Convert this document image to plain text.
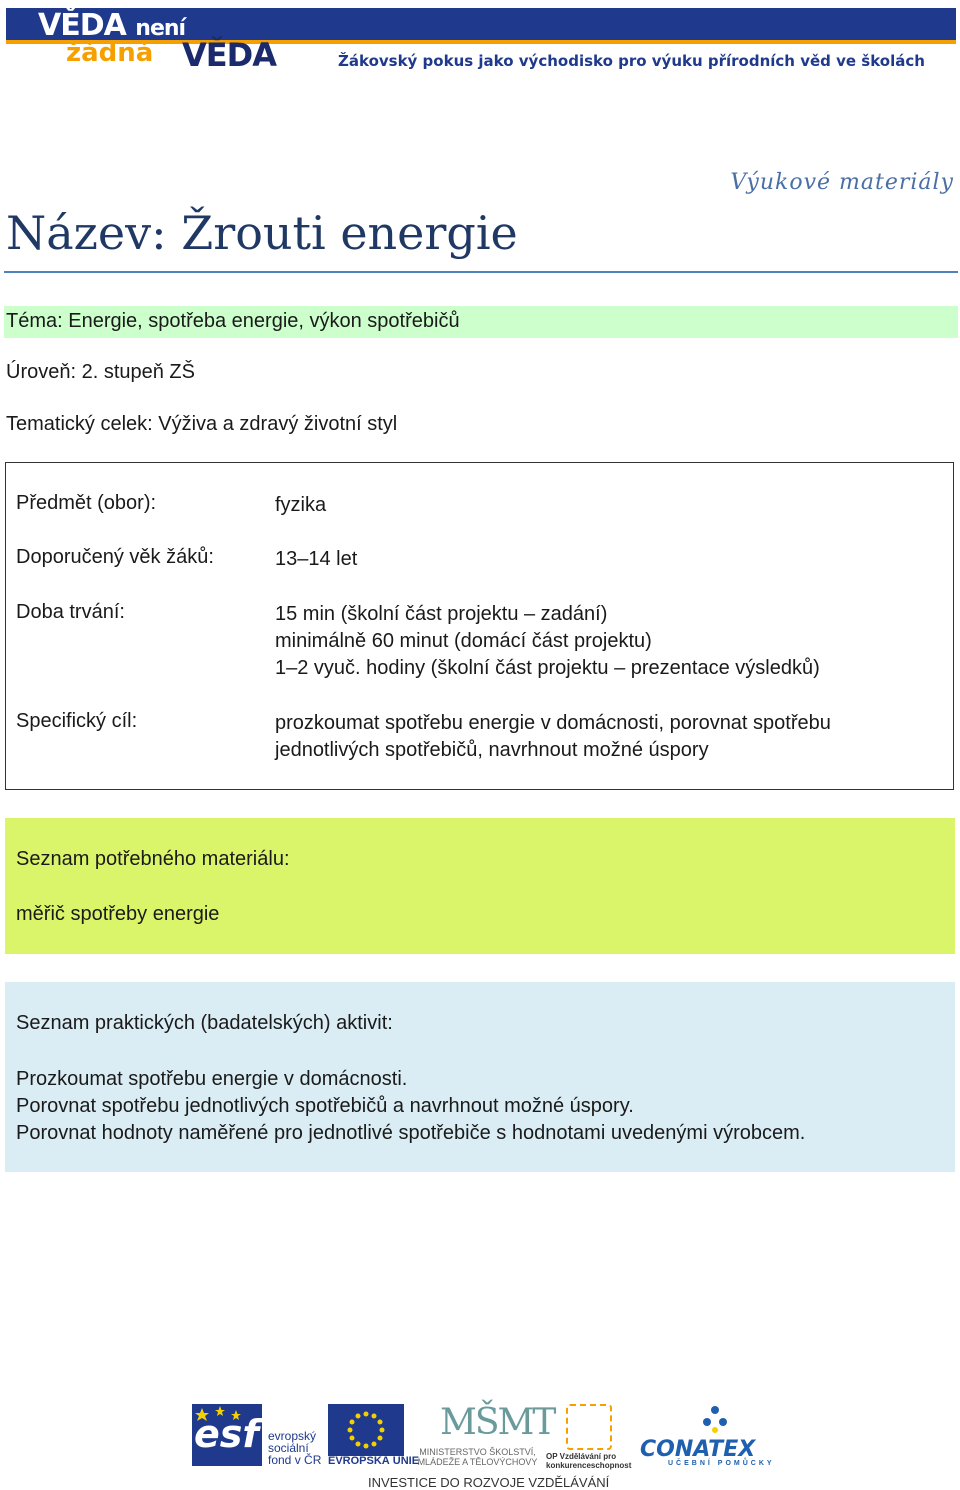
VĚDA není
žádná VĚDA	Žákovský pokus jako východisko pro výuku přírodních věd ve školách
Výukové materiály
Název: Žrouti energie
Téma: Energie, spotřeba energie, výkon spotřebičů
Úroveň: 2. stupeň ZŠ
Tematický celek: Výživa a zdravý životní styl
Předmět (obor):	fyzika
Doporučený věk žáků:	13–14 let
Doba trvání:	15 min (školní část projektu – zadání)
minimálně 60 minut (domácí část projektu)
1–2 vyuč. hodiny (školní část projektu – prezentace výsledků)
Specifický cíl:	prozkoumat spotřebu energie v domácnosti, porovnat spotřebu
jednotlivých spotřebičů, navrhnout možné úspory
Seznam potřebného materiálu:
měřič spotřeby energie
Seznam praktických (badatelských) aktivit:
Prozkoumat spotřebu energie v domácnosti.
Porovnat spotřebu jednotlivých spotřebičů a navrhnout možné úspory.
Porovnat hodnoty naměřené pro jednotlivé spotřebiče s hodnotami uvedenými výrobcem.
esf evropský sociální fond v ČR EVROPSKÁ UNIE
MŠMT
MINISTERSTVO ŠKOLSTVÍ, MLÁDEŽE A TĚLOVÝCHOVY
OP Vzdělávání pro konkurenceschopnost
CONATEX
UČEBNÍ POMŮCKY
INVESTICE DO ROZVOJE VZDĚLÁVÁNÍ
